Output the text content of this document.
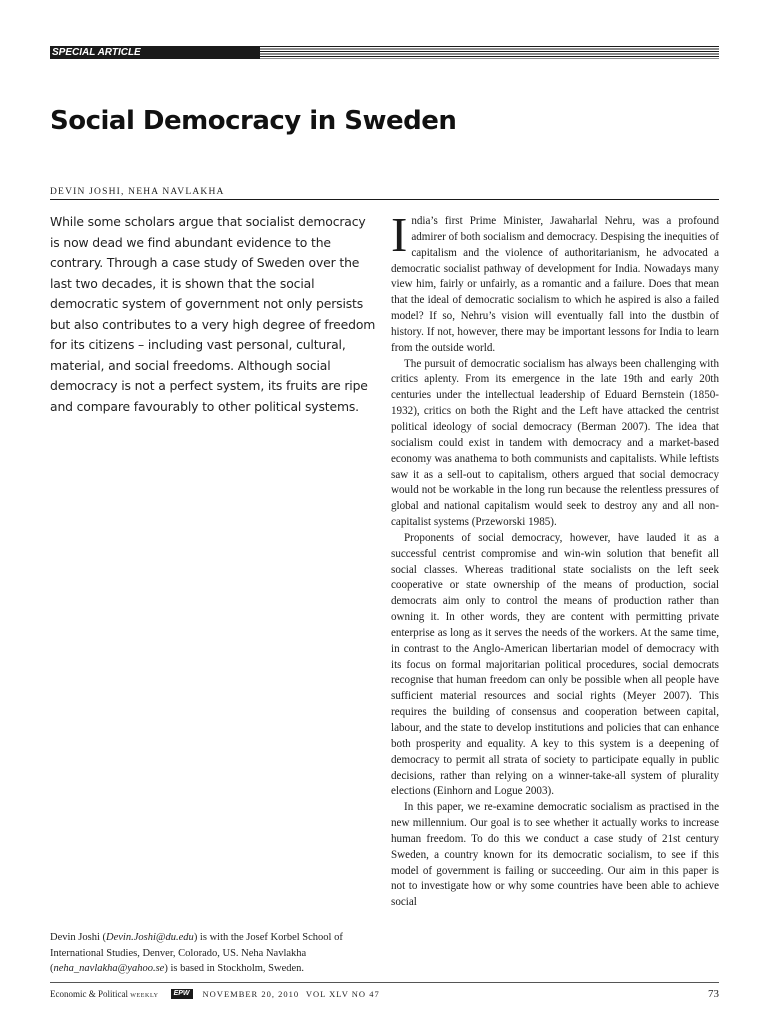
SPECIAL ARTICLE
Social Democracy in Sweden
DEVIN JOSHI, NEHA NAVLAKHA

While some scholars argue that socialist democracy is now dead we find abundant evidence to the contrary. Through a case study of Sweden over the last two decades, it is shown that the social democratic system of government not only persists but also contributes to a very high degree of freedom for its citizens – including vast personal, cultural, material, and social freedoms. Although social democracy is not a perfect system, its fruits are ripe and compare favourably to other political systems.

Devin Joshi (Devin.Joshi@du.edu) is with the Josef Korbel School of International Studies, Denver, Colorado, US. Neha Navlakha (neha_navlakha@yahoo.se) is based in Stockholm, Sweden.

India’s first Prime Minister, Jawaharlal Nehru, was a profound admirer of both socialism and democracy. Despising the inequities of capitalism and the violence of authoritarianism, he advocated a democratic socialist pathway of development for India. Nowadays many view him, fairly or unfairly, as a romantic and a failure. Does that mean that the ideal of democratic socialism to which he aspired is also a failed model? If so, Nehru’s vision will eventually fall into the dustbin of history. If not, however, there may be important lessons for India to learn from the outside world.

The pursuit of democratic socialism has always been challenging with critics aplenty. From its emergence in the late 19th and early 20th centuries under the intellectual leadership of Eduard Bernstein (1850-1932), critics on both the Right and the Left have attacked the centrist political ideology of social democracy (Berman 2007). The idea that socialism could exist in tandem with democracy and a market-based economy was anathema to both communists and capitalists. While leftists saw it as a sell-out to capitalism, others argued that social democracy would not be workable in the long run because the relentless pressures of global and national capitalism would seek to destroy any and all non-capitalist systems (Przeworski 1985).

Proponents of social democracy, however, have lauded it as a successful centrist compromise and win-win solution that benefit all social classes. Whereas traditional state socialists on the left seek cooperative or state ownership of the means of production, social democrats aim only to control the means of production rather than owning it. In other words, they are content with permitting private enterprise as long as it serves the needs of the workers. At the same time, in contrast to the Anglo-American libertarian model of democracy with its focus on formal majoritarian political procedures, social democrats recognise that human freedom can only be possible when all people have sufficient material resources and social rights (Meyer 2007). This requires the building of consensus and cooperation between capital, labour, and the state to develop institutions and policies that can enhance both prosperity and equality. A key to this system is a deepening of democracy to permit all strata of society to participate equally in public decisions, rather than relying on a winner-take-all system of plurality elections (Einhorn and Logue 2003).

In this paper, we re-examine democratic socialism as practised in the new millennium. Our goal is to see whether it actually works to increase human freedom. To do this we conduct a case study of 21st century Sweden, a country known for its democratic socialism, to see if this model of government is failing or succeeding. Our aim in this paper is not to investigate how or why some countries have been able to achieve social

Economic & Political
weekly	EPW	NOVEMBER 20, 2010
VOL XLV NO 47	73
